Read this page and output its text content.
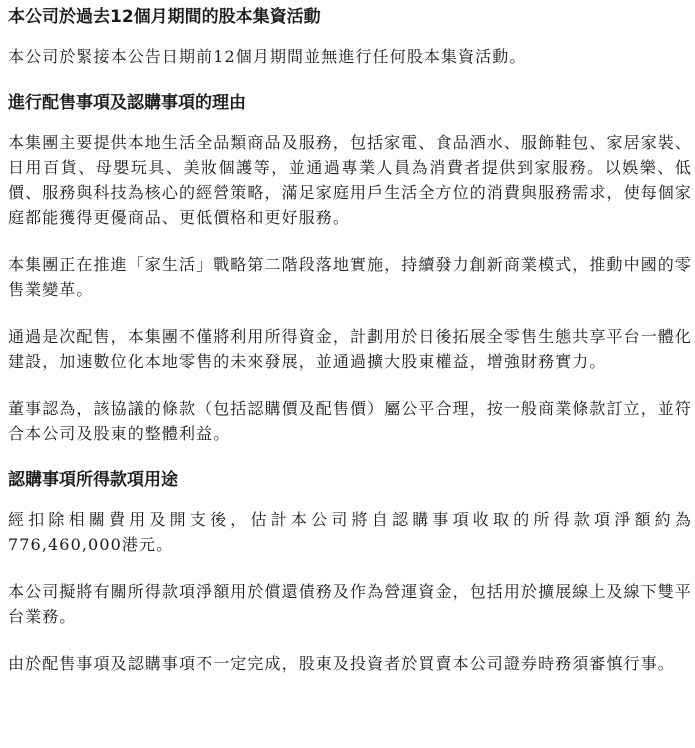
本公司於過去12個月期間的股本集資活動

本公司於緊接本公告日期前12個月期間並無進行任何股本集資活動。

進行配售事項及認購事項的理由

本集團主要提供本地生活全品類商品及服務，包括家電、食品酒水、服飾鞋包、家居家裝、日用百貨、母嬰玩具、美妝個護等，並通過專業人員為消費者提供到家服務。以娛樂、低價、服務與科技為核心的經營策略，滿足家庭用戶生活全方位的消費與服務需求，使每個家庭都能獲得更優商品、更低價格和更好服務。

本集團正在推進「家生活」戰略第二階段落地實施，持續發力創新商業模式，推動中國的零售業變革。

通過是次配售，本集團不僅將利用所得資金，計劃用於日後拓展全零售生態共享平台一體化建設，加速數位化本地零售的未來發展，並通過擴大股東權益，增強財務實力。

董事認為，該協議的條款（包括認購價及配售價）屬公平合理，按一般商業條款訂立，並符合本公司及股東的整體利益。

認購事項所得款項用途

經扣除相關費用及開支後，估計本公司將自認購事項收取的所得款項淨額約為776,460,000港元。

本公司擬將有關所得款項淨額用於償還債務及作為營運資金，包括用於擴展線上及線下雙平台業務。

由於配售事項及認購事項不一定完成，股東及投資者於買賣本公司證券時務須審慎行事。
